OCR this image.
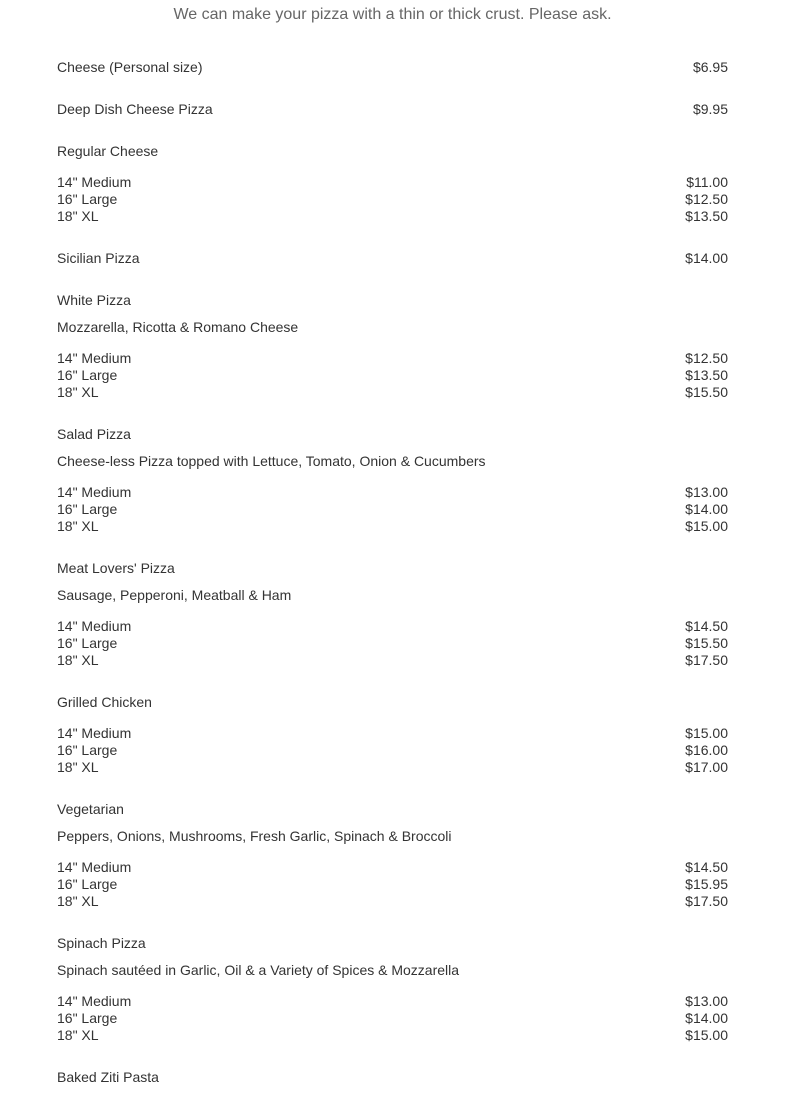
We can make your pizza with a thin or thick crust. Please ask.
Cheese (Personal size)	$6.95
Deep Dish Cheese Pizza	$9.95
Regular Cheese
14" Medium	$11.00
16" Large	$12.50
18" XL	$13.50
Sicilian Pizza	$14.00
White Pizza
Mozzarella, Ricotta & Romano Cheese
14" Medium	$12.50
16" Large	$13.50
18" XL	$15.50
Salad Pizza
Cheese-less Pizza topped with Lettuce, Tomato, Onion & Cucumbers
14" Medium	$13.00
16" Large	$14.00
18" XL	$15.00
Meat Lovers' Pizza
Sausage, Pepperoni, Meatball & Ham
14" Medium	$14.50
16" Large	$15.50
18" XL	$17.50
Grilled Chicken
14" Medium	$15.00
16" Large	$16.00
18" XL	$17.00
Vegetarian
Peppers, Onions, Mushrooms, Fresh Garlic, Spinach & Broccoli
14" Medium	$14.50
16" Large	$15.95
18" XL	$17.50
Spinach Pizza
Spinach sautéed in Garlic, Oil & a Variety of Spices & Mozzarella
14" Medium	$13.00
16" Large	$14.00
18" XL	$15.00
Baked Ziti Pasta
